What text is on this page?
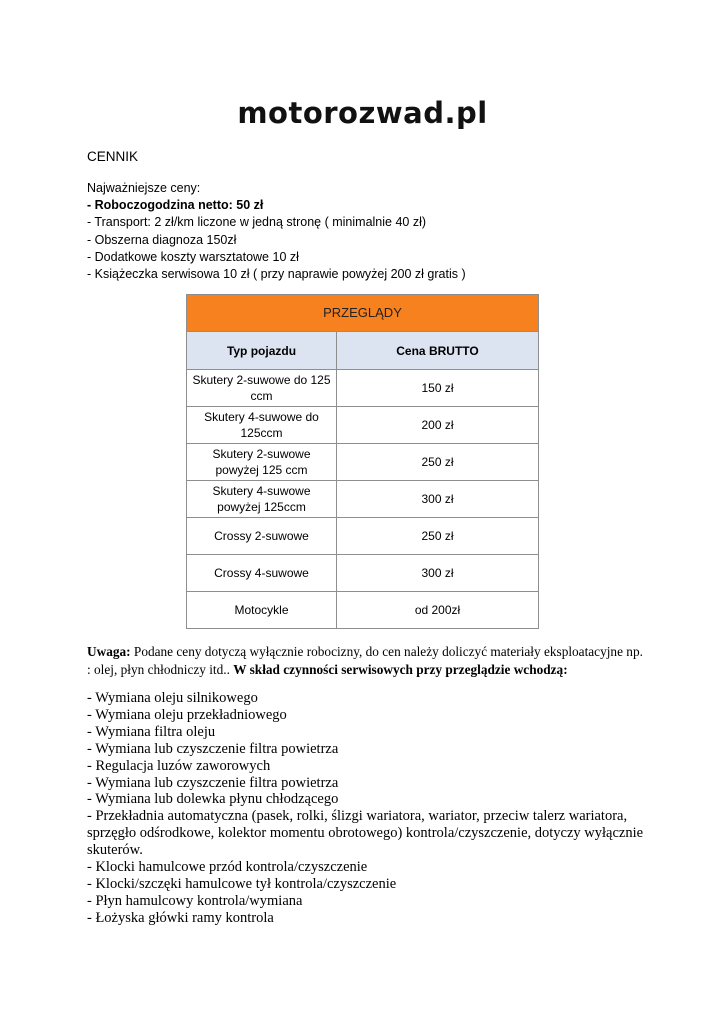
motorozwad.pl
CENNIK
Najważniejsze ceny:
- Roboczogodzina netto: 50 zł
- Transport: 2 zł/km liczone w jedną stronę ( minimalnie 40 zł)
- Obszerna diagnoza 150zł
- Dodatkowe koszty warsztatowe 10 zł
- Książeczka serwisowa 10 zł ( przy naprawie powyżej 200 zł gratis )
PRZEGLĄDY	
Typ pojazdu	Cena BRUTTO
Skutery 2-suwowe do 125 ccm	150 zł
Skutery 4-suwowe do 125ccm	200 zł
Skutery 2-suwowe powyżej 125 ccm	250 zł
Skutery 4-suwowe powyżej 125ccm	300 zł
Crossy 2-suwowe	250 zł
Crossy 4-suwowe	300 zł
Motocykle	od 200zł
Uwaga: Podane ceny dotyczą wyłącznie robocizny, do cen należy doliczyć materiały eksploatacyjne np. : olej, płyn chłodniczy itd.. W skład czynności serwisowych przy przeglądzie wchodzą:
- Wymiana oleju silnikowego
- Wymiana oleju przekładniowego
- Wymiana filtra oleju
- Wymiana lub czyszczenie filtra powietrza
- Regulacja luzów zaworowych
- Wymiana lub czyszczenie filtra powietrza
- Wymiana lub dolewka płynu chłodzącego
- Przekładnia automatyczna (pasek, rolki, ślizgi wariatora, wariator, przeciw talerz wariatora, sprzęgło odśrodkowe, kolektor momentu obrotowego) kontrola/czyszczenie, dotyczy wyłącznie skuterów.
- Klocki hamulcowe przód kontrola/czyszczenie
- Klocki/szczęki hamulcowe tył kontrola/czyszczenie
- Płyn hamulcowy kontrola/wymiana
- Łożyska główki ramy kontrola
